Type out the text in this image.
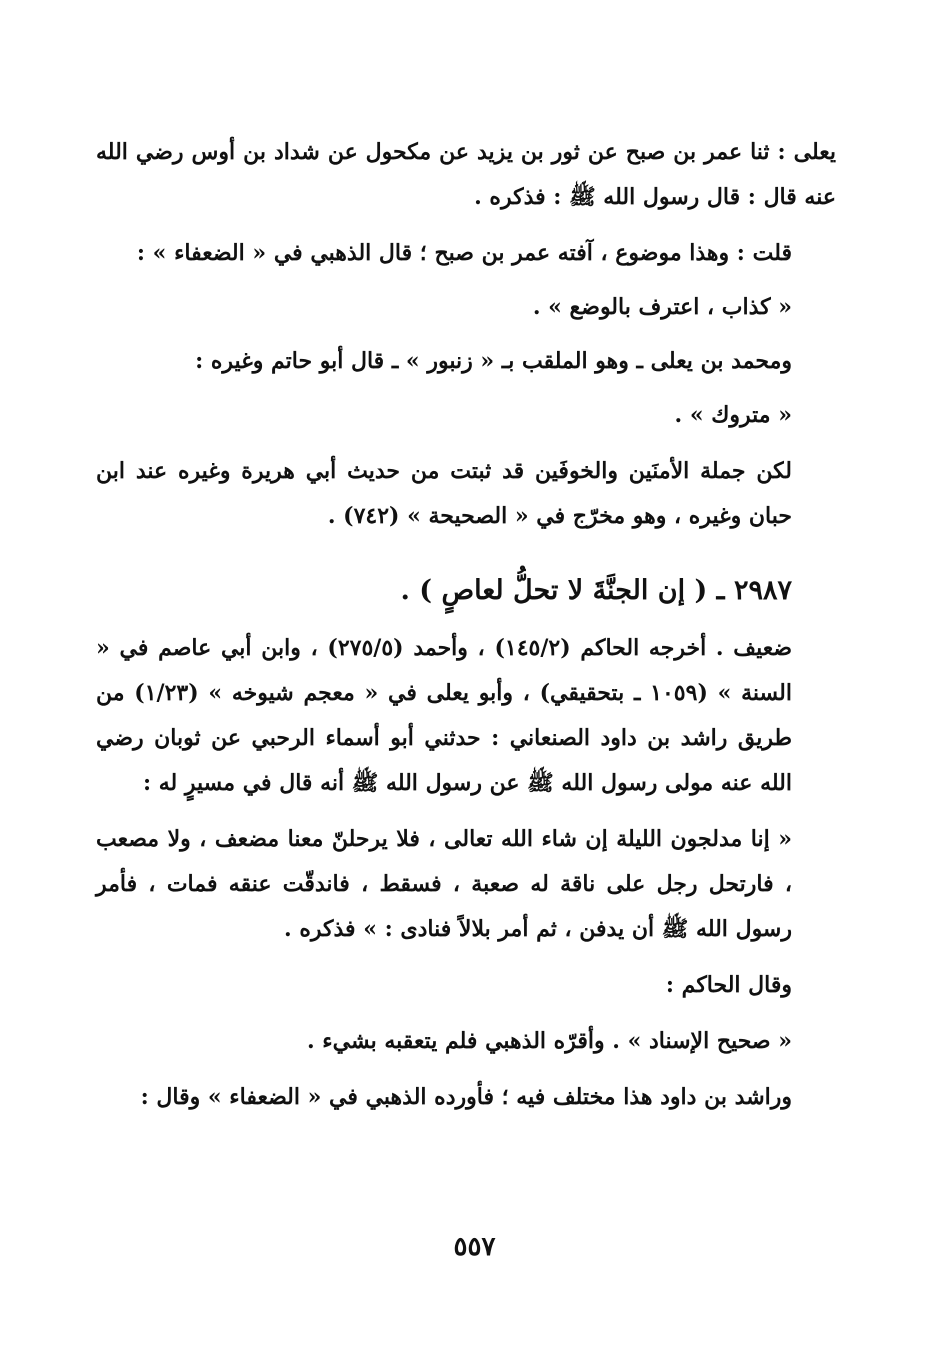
يعلى : ثنا عمر بن صبح عن ثور بن يزيد عن مكحول عن شداد بن أوس رضي الله عنه قال : قال رسول الله ﷺ : فذكره .

قلت : وهذا موضوع ، آفته عمر بن صبح ؛ قال الذهبي في « الضعفاء » :

« كذاب ، اعترف بالوضع » .

ومحمد بن يعلى ـ وهو الملقب بـ « زنبور » ـ قال أبو حاتم وغيره :

« متروك » .

لكن جملة الأمنَين والخوفَين قد ثبتت من حديث أبي هريرة وغيره عند ابن حبان وغيره ، وهو مخرّج في « الصحيحة » (٧٤٢) .

٢٩٨٧ ـ ( إن الجنَّةَ لا تحلُّ لعاصٍ ) .

ضعيف . أخرجه الحاكم (١٤٥/٢) ، وأحمد (٢٧٥/٥) ، وابن أبي عاصم في « السنة » (١٠٥٩ ـ بتحقيقي) ، وأبو يعلى في « معجم شيوخه » (١/٢٣) من طريق راشد بن داود الصنعاني : حدثني أبو أسماء الرحبي عن ثوبان رضي الله عنه مولى رسول الله ﷺ عن رسول الله ﷺ أنه قال في مسيرٍ له :

« إنا مدلجون الليلة إن شاء الله تعالى ، فلا يرحلنّ معنا مضعف ، ولا مصعب ، فارتحل رجل على ناقة له صعبة ، فسقط ، فاندقّت عنقه فمات ، فأمر رسول الله ﷺ أن يدفن ، ثم أمر بلالاً فنادى : » فذكره .

وقال الحاكم :

« صحيح الإسناد » . وأقرّه الذهبي فلم يتعقبه بشيء .

وراشد بن داود هذا مختلف فيه ؛ فأورده الذهبي في « الضعفاء » وقال :

٥٥٧
